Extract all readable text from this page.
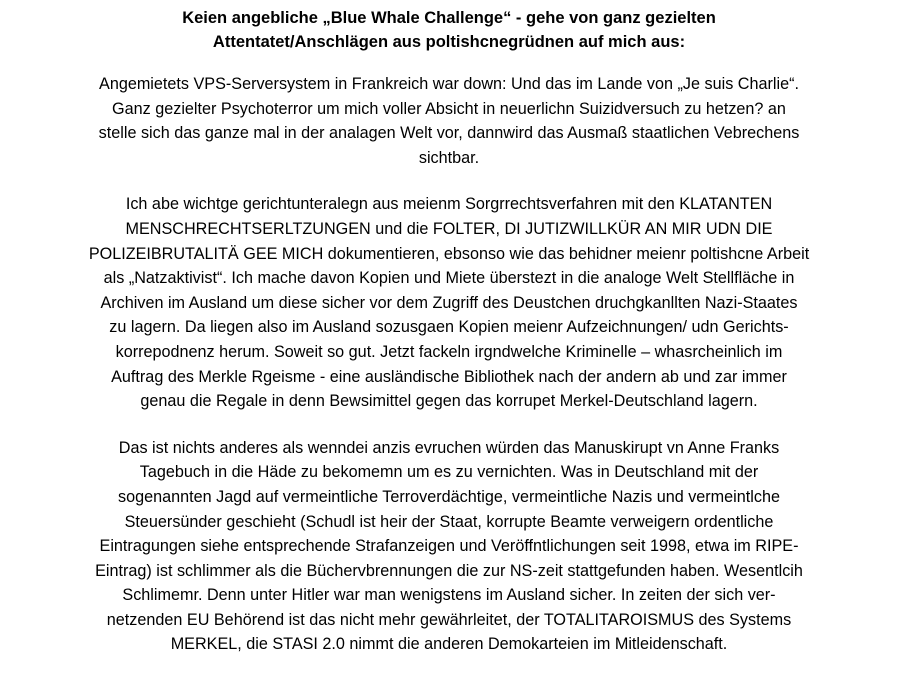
Keien angebliche „Blue Whale Challenge“ - gehe von ganz gezielten
Attentatet/Anschlägen aus poltishcnegrüdnen auf mich aus:
Angemietets VPS-Serversystem in Frankreich war down: Und das im Lande von „Je suis Charlie“.
Ganz gezielter Psychoterror um mich voller Absicht in neuerlichn Suizidversuch zu hetzen? an
stelle sich das ganze mal in der analagen Welt vor, dannwird das Ausmaß staatlichen Vebrechens
sichtbar.
Ich abe wichtge gerichtunteralegn aus meienm Sorgrrechtsverfahren mit den KLATANTEN
MENSCHRECHTSERLTZUNGEN und die FOLTER, DI JUTIZWILLKÜR AN MIR UDN DIE
POLIZEIBRUTALITÄ GEE MICH dokumentieren, ebsonso wie das behidner meienr poltishcne Arbeit
als „Natzaktivist“. Ich mache davon Kopien und Miete überstezt in die analoge Welt Stellfläche in
Archiven im Ausland um diese sicher vor dem Zugriff des Deustchen druchgkanllten Nazi-Staates
zu lagern. Da liegen also im Ausland sozusgaen Kopien meienr Aufzeichnungen/ udn Gerichts-
korrepodnenz herum. Soweit so gut. Jetzt fackeln irgndwelche Kriminelle – whasrcheinlich im
Auftrag des Merkle Rgeisme - eine ausländische Bibliothek nach der andern ab und zar immer
genau die Regale in denn Bewsimittel gegen das korrupet Merkel-Deutschland lagern.
Das ist nichts anderes als wenndei anzis evruchen würden das Manuskirupt vn Anne Franks
Tagebuch in die Häde zu bekomemn um es zu vernichten. Was in Deutschland mit der
sogenannten Jagd auf vermeintliche Terroverdächtige, vermeintliche Nazis und vermeintlche
Steuersünder geschieht (Schudl ist heir der Staat, korrupte Beamte verweigern ordentliche
Eintragungen siehe entsprechende Strafanzeigen und Veröffntlichungen seit 1998, etwa im RIPE-
Eintrag) ist schlimmer als die Büchervbrennungen die zur NS-zeit stattgefunden haben. Wesentlcih
Schlimemr. Denn unter Hitler war man wenigstens im Ausland sicher. In zeiten der sich ver-
netzenden EU Behörend ist das nicht mehr gewährleitet, der TOTALITAROISMUS des Systems
MERKEL, die STASI 2.0 nimmt die anderen Demokarteien im Mitleidenschaft.
